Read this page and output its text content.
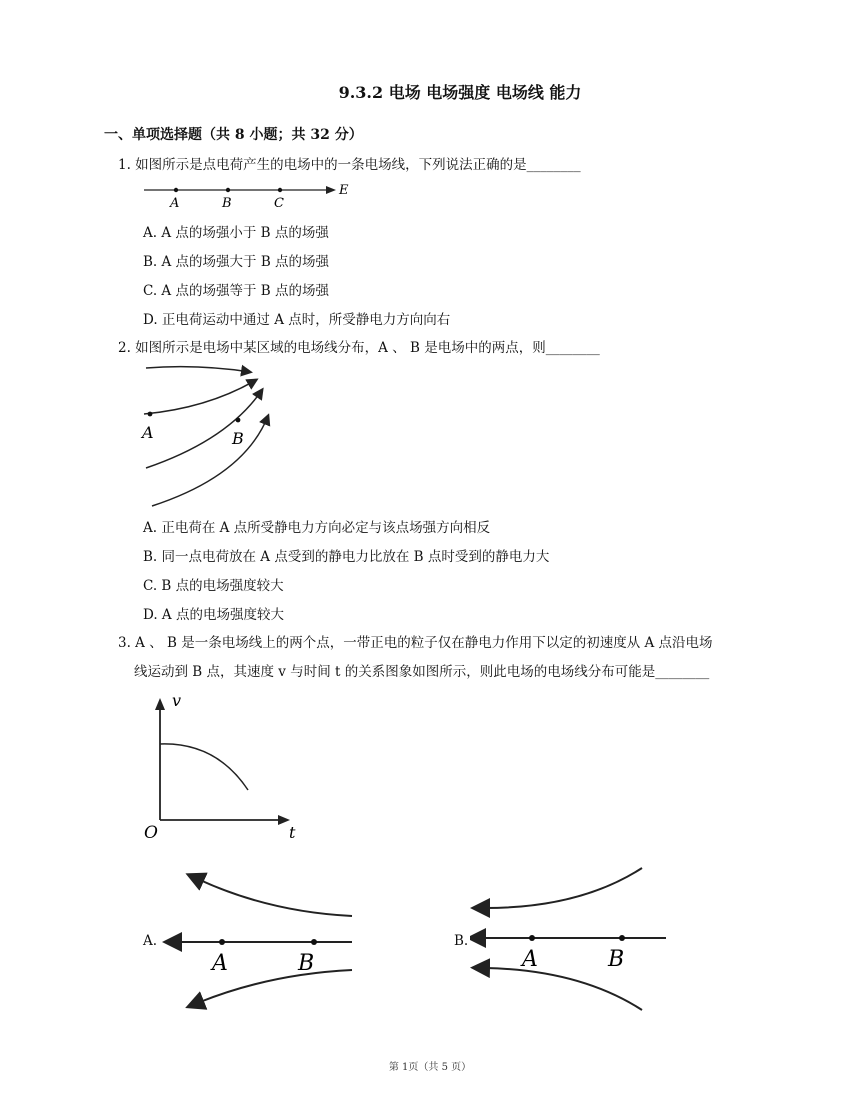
9.3.2 电场 电场强度 电场线 能力
一、单项选择题（共 8 小题；共 32 分）
1. 如图所示是点电荷产生的电场中的一条电场线，下列说法正确的是________
A	B	C
E
A. A 点的场强小于 B 点的场强
B. A 点的场强大于 B 点的场强
C. A 点的场强等于 B 点的场强
D. 正电荷运动中通过 A 点时，所受静电力方向向右
2. 如图所示是电场中某区域的电场线分布，A 、 B 是电场中的两点，则________
A	B
A. 正电荷在 A 点所受静电力方向必定与该点场强方向相反
B. 同一点电荷放在 A 点受到的静电力比放在 B 点时受到的静电力大
C. B 点的电场强度较大
D. A 点的电场强度较大
3. A 、 B 是一条电场线上的两个点，一带正电的粒子仅在静电力作用下以定的初速度从 A 点沿电场
线运动到 B 点，其速度 v 与时间 t 的关系图象如图所示，则此电场的电场线分布可能是________
v
O	t
A.
A	B
B.
A	B
第 1页（共 5 页）
